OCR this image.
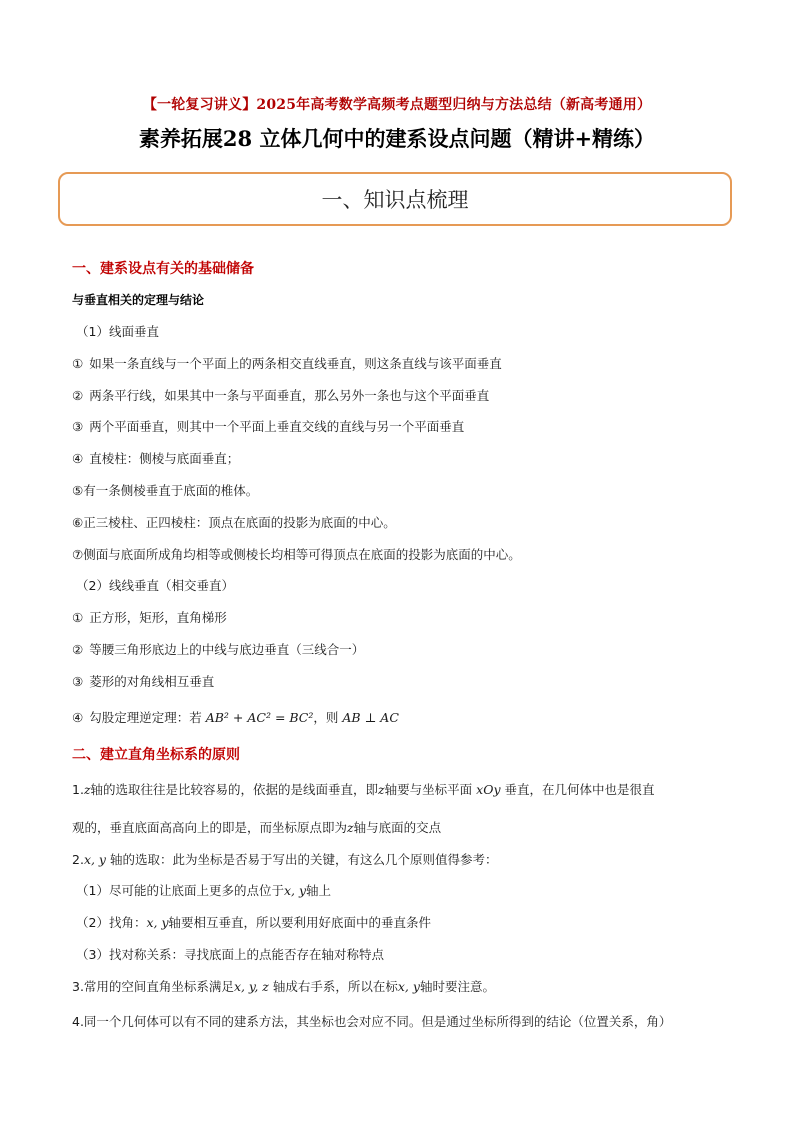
【一轮复习讲义】2025年高考数学高频考点题型归纳与方法总结（新高考通用）
素养拓展28 立体几何中的建系设点问题（精讲+精练）
一、知识点梳理
一、建系设点有关的基础储备
与垂直相关的定理与结论
（1）线面垂直
① 如果一条直线与一个平面上的两条相交直线垂直，则这条直线与该平面垂直
② 两条平行线，如果其中一条与平面垂直，那么另外一条也与这个平面垂直
③ 两个平面垂直，则其中一个平面上垂直交线的直线与另一个平面垂直
④ 直棱柱：侧棱与底面垂直；
⑤有一条侧棱垂直于底面的椎体。
⑥正三棱柱、正四棱柱：顶点在底面的投影为底面的中心。
⑦侧面与底面所成角均相等或侧棱长均相等可得顶点在底面的投影为底面的中心。
（2）线线垂直（相交垂直）
① 正方形，矩形，直角梯形
② 等腰三角形底边上的中线与底边垂直（三线合一）
③ 菱形的对角线相互垂直
④ 勾股定理逆定理：若 AB² + AC² = BC²，则 AB ⊥ AC
二、建立直角坐标系的原则
1.z轴的选取往往是比较容易的，依据的是线面垂直，即z轴要与坐标平面 xOy 垂直，在几何体中也是很直
观的，垂直底面高高向上的即是，而坐标原点即为z轴与底面的交点
2.x, y 轴的选取：此为坐标是否易于写出的关键，有这么几个原则值得参考：
（1）尽可能的让底面上更多的点位于x, y轴上
（2）找角：x, y轴要相互垂直，所以要利用好底面中的垂直条件
（3）找对称关系：寻找底面上的点能否存在轴对称特点
3.常用的空间直角坐标系满足x, y, z 轴成右手系，所以在标x, y轴时要注意。
4.同一个几何体可以有不同的建系方法，其坐标也会对应不同。但是通过坐标所得到的结论（位置关系，角）
